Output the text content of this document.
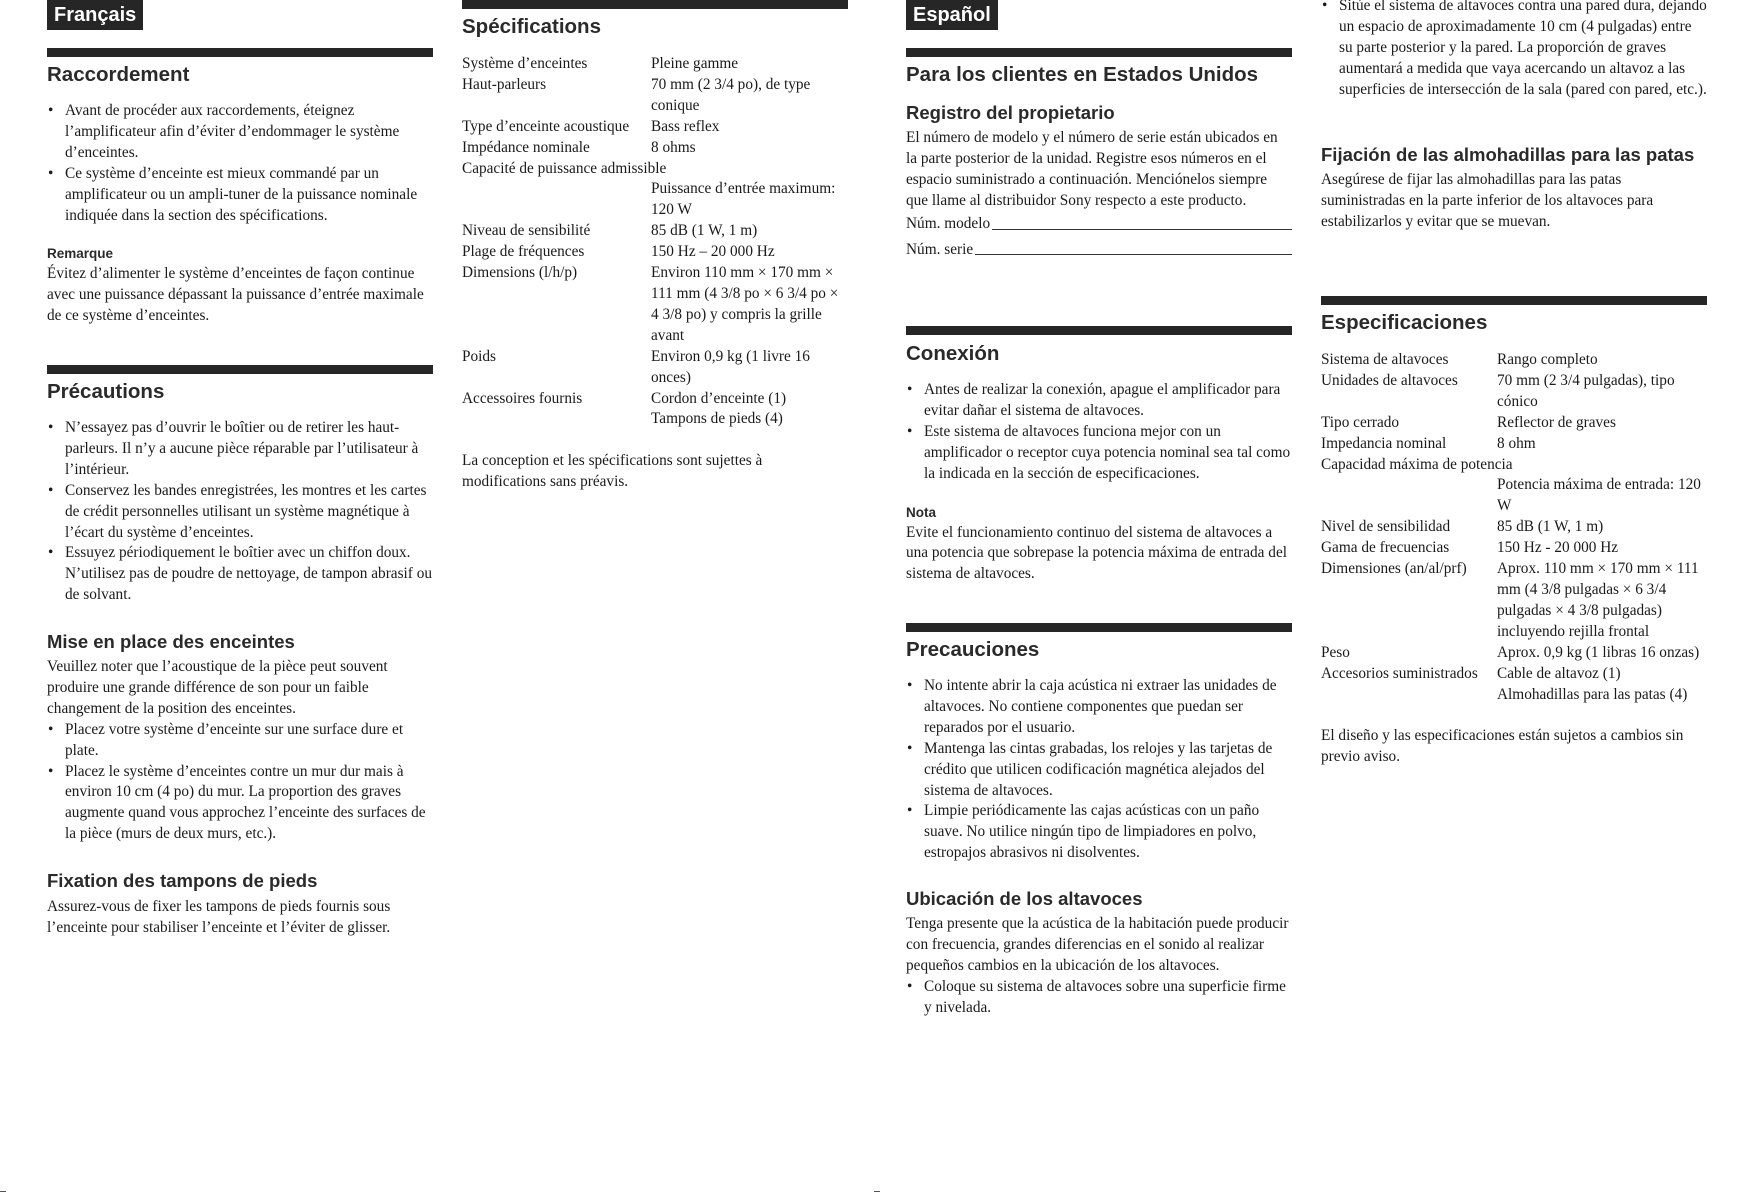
Français
Raccordement
• Avant de procéder aux raccordements, éteignez l’amplificateur afin d’éviter d’endommager le système d’enceintes.
• Ce système d’enceinte est mieux commandé par un amplificateur ou un ampli-tuner de la puissance nominale indiquée dans la section des spécifications.
Remarque

Évitez d’alimenter le système d’enceintes de façon continue avec une puissance dépassant la puissance d’entrée maximale de ce système d’enceintes.

Précautions
• N’essayez pas d’ouvrir le boîtier ou de retirer les haut-parleurs. Il n’y a aucune pièce réparable par l’utilisateur à l’intérieur.
• Conservez les bandes enregistrées, les montres et les cartes de crédit personnelles utilisant un système magnétique à l’écart du système d’enceintes.
• Essuyez périodiquement le boîtier avec un chiffon doux. N’utilisez pas de poudre de nettoyage, de tampon abrasif ou de solvant.
Mise en place des enceintes

Veuillez noter que l’acoustique de la pièce peut souvent produire une grande différence de son pour un faible changement de la position des enceintes.

• Placez votre système d’enceinte sur une surface dure et plate.
• Placez le système d’enceintes contre un mur dur mais à environ 10 cm (4 po) du mur. La proportion des graves augmente quand vous approchez l’enceinte des surfaces de la pièce (murs de deux murs, etc.).
Fixation des tampons de pieds

Assurez-vous de fixer les tampons de pieds fournis sous l’enceinte pour stabiliser l’enceinte et l’éviter de glisser.

Spécifications
Système d’enceintes	Pleine gamme
Haut-parleurs	70 mm (2 3/4 po), de type conique
Type d’enceinte acoustique	Bass reflex
Impédance nominale	8 ohms
Capacité de puissance admissible	
	Puissance d’entrée maximum: 120 W
Niveau de sensibilité	85 dB (1 W, 1 m)
Plage de fréquences	150 Hz – 20 000 Hz
Dimensions (l/h/p)	Environ 110 mm × 170 mm × 111 mm (4 3/8 po × 6 3/4 po × 4 3/8 po) y compris la grille avant
Poids	Environ 0,9 kg (1 livre 16 onces)
Accessoires fournis	Cordon d’enceinte (1)
	Tampons de pieds (4)

La conception et les spécifications sont sujettes à modifications sans préavis.

Español
Para los clientes en Estados Unidos
Registro del propietario

El número de modelo y el número de serie están ubicados en la parte posterior de la unidad. Registre esos números en el espacio suministrado a continuación. Menciónelos siempre que llame al distribuidor Sony respecto a este producto.

Núm. modelo
Núm. serie
Conexión
• Antes de realizar la conexión, apague el amplificador para evitar dañar el sistema de altavoces.
• Este sistema de altavoces funciona mejor con un amplificador o receptor cuya potencia nominal sea tal como la indicada en la sección de especificaciones.
Nota

Evite el funcionamiento continuo del sistema de altavoces a una potencia que sobrepase la potencia máxima de entrada del sistema de altavoces.

Precauciones
• No intente abrir la caja acústica ni extraer las unidades de altavoces. No contiene componentes que puedan ser reparados por el usuario.
• Mantenga las cintas grabadas, los relojes y las tarjetas de crédito que utilicen codificación magnética alejados del sistema de altavoces.
• Limpie periódicamente las cajas acústicas con un paño suave. No utilice ningún tipo de limpiadores en polvo, estropajos abrasivos ni disolventes.
Ubicación de los altavoces

Tenga presente que la acústica de la habitación puede producir con frecuencia, grandes diferencias en el sonido al realizar pequeños cambios en la ubicación de los altavoces.

• Coloque su sistema de altavoces sobre una superficie firme y nivelada.
• Sitúe el sistema de altavoces contra una pared dura, dejando un espacio de aproximadamente 10 cm (4 pulgadas) entre su parte posterior y la pared. La proporción de graves aumentará a medida que vaya acercando un altavoz a las superficies de intersección de la sala (pared con pared, etc.).
Fijación de las almohadillas para las patas

Asegúrese de fijar las almohadillas para las patas suministradas en la parte inferior de los altavoces para estabilizarlos y evitar que se muevan.

Especificaciones
Sistema de altavoces	Rango completo
Unidades de altavoces	70 mm (2 3/4 pulgadas), tipo cónico
Tipo cerrado	Reflector de graves
Impedancia nominal	8 ohm
Capacidad máxima de potencia	
	Potencia máxima de entrada: 120 W
Nivel de sensibilidad	85 dB (1 W, 1 m)
Gama de frecuencias	150 Hz - 20 000 Hz
Dimensiones (an/al/prf)	Aprox. 110 mm × 170 mm × 111 mm (4 3/8 pulgadas × 6 3/4 pulgadas × 4 3/8 pulgadas) incluyendo rejilla frontal
Peso	Aprox. 0,9 kg (1 libras 16 onzas)
Accesorios suministrados	Cable de altavoz (1)
	Almohadillas para las patas (4)

El diseño y las especificaciones están sujetos a cambios sin previo aviso.
